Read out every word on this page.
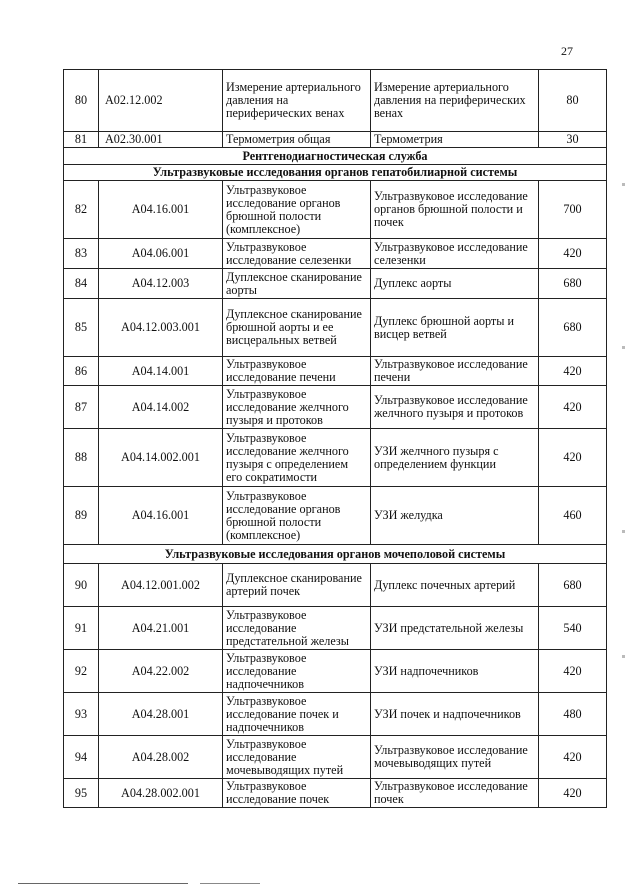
27
80	A02.12.002	Измерение артериального давления на периферических венах	Измерение артериального давления на периферических венах	80
81	A02.30.001	Термометрия общая	Термометрия	30
Рентгенодиагностическая служба				
Ультразвуковые исследования органов гепатобилиарной системы				
82	A04.16.001	Ультразвуковое исследование органов брюшной полости (комплексное)	Ультразвуковое исследование органов брюшной полости и почек	700
83	A04.06.001	Ультразвуковое исследование селезенки	Ультразвуковое исследование селезенки	420
84	A04.12.003	Дуплексное сканирование аорты	Дуплекс аорты	680
85	A04.12.003.001	Дуплексное сканирование брюшной аорты и ее висцеральных ветвей	Дуплекс брюшной аорты и висцер ветвей	680
86	A04.14.001	Ультразвуковое исследование печени	Ультразвуковое исследование печени	420
87	A04.14.002	Ультразвуковое исследование желчного пузыря и протоков	Ультразвуковое исследование желчного пузыря и протоков	420
88	A04.14.002.001	Ультразвуковое исследование желчного пузыря с определением его сократимости	УЗИ желчного пузыря с определением функции	420
89	A04.16.001	Ультразвуковое исследование органов брюшной полости (комплексное)	УЗИ желудка	460
Ультразвуковые исследования органов мочеполовой системы				
90	A04.12.001.002	Дуплексное сканирование артерий почек	Дуплекс почечных артерий	680
91	A04.21.001	Ультразвуковое исследование предстательной железы	УЗИ предстательной железы	540
92	A04.22.002	Ультразвуковое исследование надпочечников	УЗИ надпочечников	420
93	A04.28.001	Ультразвуковое исследование почек и надпочечников	УЗИ почек и надпочечников	480
94	A04.28.002	Ультразвуковое исследование мочевыводящих путей	Ультразвуковое исследование мочевыводящих путей	420
95	A04.28.002.001	Ультразвуковое исследование почек	Ультразвуковое исследование почек	420
